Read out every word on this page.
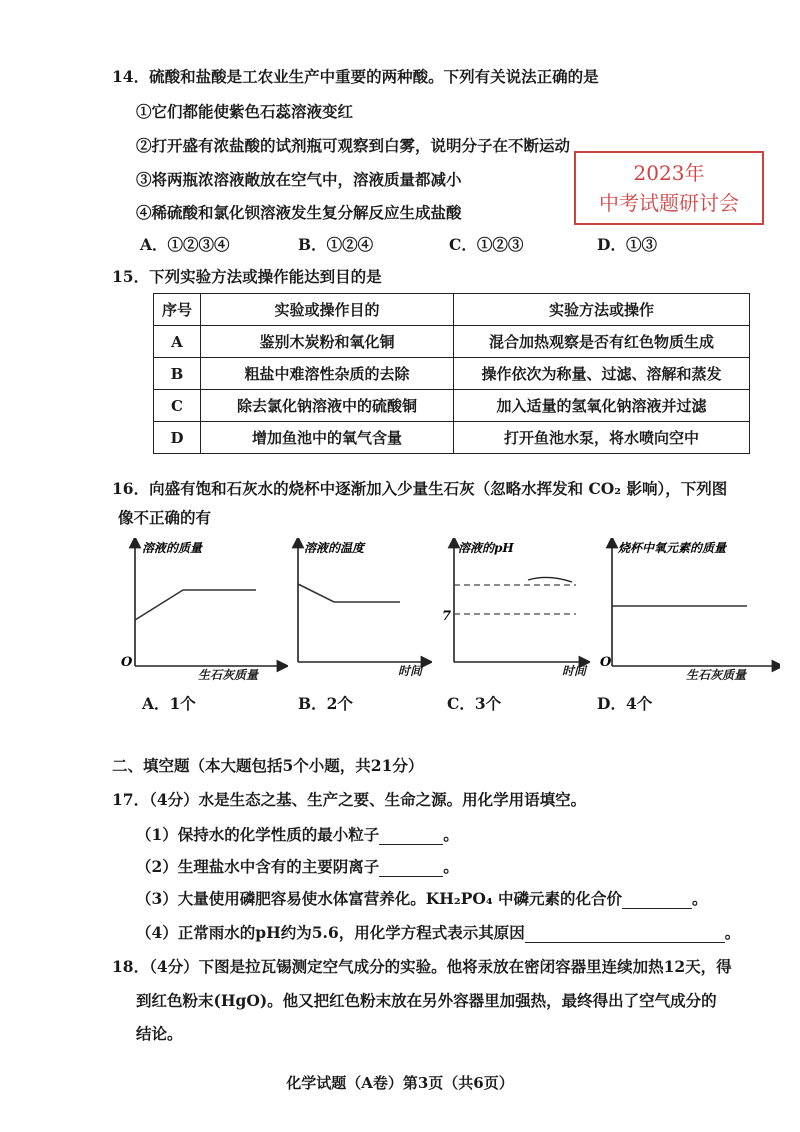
14．硫酸和盐酸是工农业生产中重要的两种酸。下列有关说法正确的是
①它们都能使紫色石蕊溶液变红
②打开盛有浓盐酸的试剂瓶可观察到白雾，说明分子在不断运动
③将两瓶浓溶液敞放在空气中，溶液质量都减小
④稀硫酸和氯化钡溶液发生复分解反应生成盐酸
2023年
中考试题研讨会
A．①②③④	B．①②④	C．①②③	D．①③
15．下列实验方法或操作能达到目的是
序号	实验或操作目的	实验方法或操作
A	鉴别木炭粉和氧化铜	混合加热观察是否有红色物质生成
B	粗盐中难溶性杂质的去除	操作依次为称量、过滤、溶解和蒸发
C	除去氯化钠溶液中的硫酸铜	加入适量的氢氧化钠溶液并过滤
D	增加鱼池中的氧气含量	打开鱼池水泵，将水喷向空中
16．向盛有饱和石灰水的烧杯中逐渐加入少量生石灰（忽略水挥发和 CO₂ 影响），下列图
像不正确的有
溶液的质量
O
生石灰质量
溶液的温度
时间
溶液的pH
7
时间
烧杯中氧元素的质量
O
生石灰质量
A．1个	B．2个	C．3个	D．4个
二、填空题（本大题包括5个小题，共21分）
17．（4分）水是生态之基、生产之要、生命之源。用化学用语填空。
（1）保持水的化学性质的最小粒子	。
（2）生理盐水中含有的主要阴离子	。
（3）大量使用磷肥容易使水体富营养化。KH₂PO₄ 中磷元素的化合价	。
（4）正常雨水的pH约为5.6，用化学方程式表示其原因	。
18．（4分）下图是拉瓦锡测定空气成分的实验。他将汞放在密闭容器里连续加热12天，得
到红色粉末(HgO)。他又把红色粉末放在另外容器里加强热，最终得出了空气成分的
结论。
化学试题（A卷）第3页（共6页）
